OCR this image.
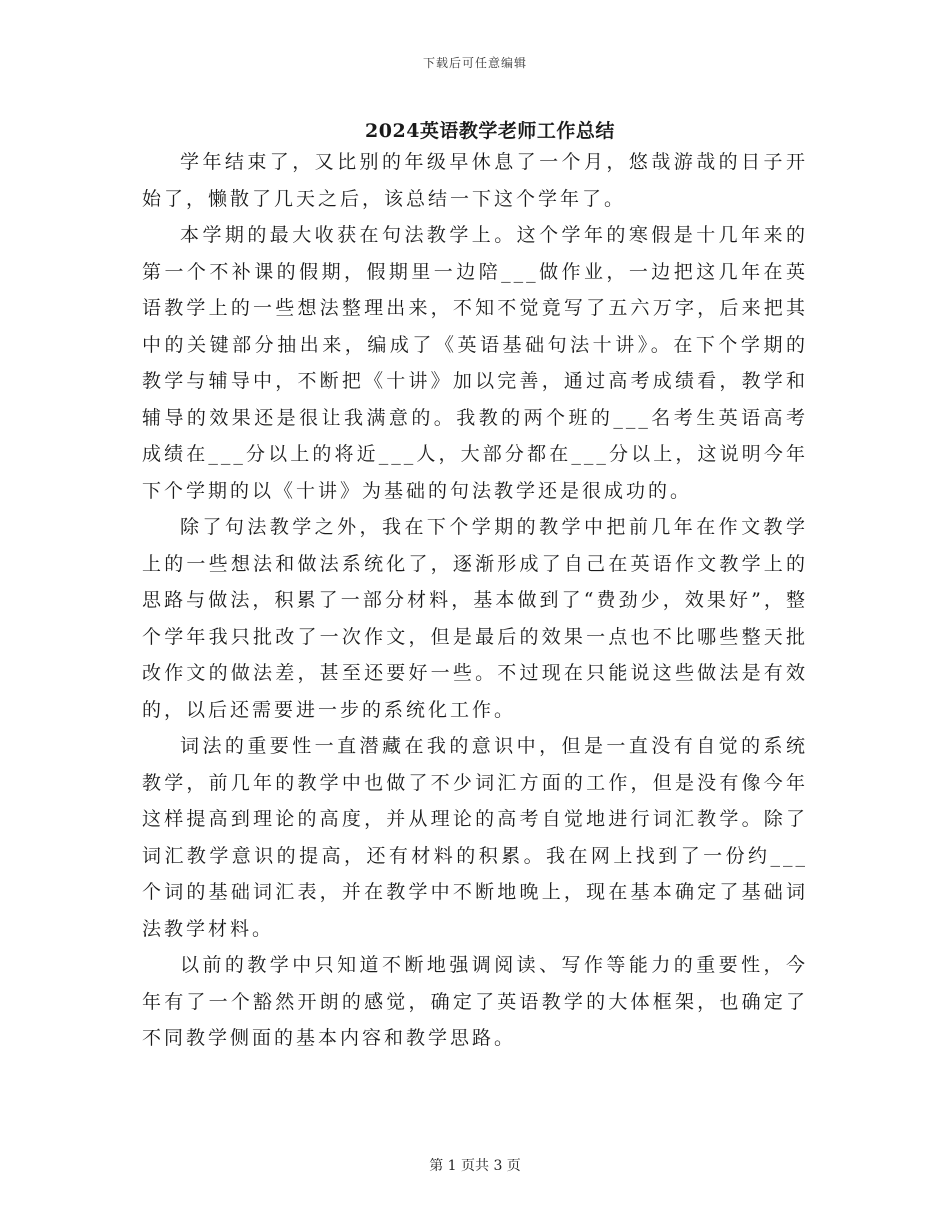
下载后可任意编辑
2024英语教学老师工作总结

学年结束了，又比别的年级早休息了一个月，悠哉游哉的日子开始了，懒散了几天之后，该总结一下这个学年了。

本学期的最大收获在句法教学上。这个学年的寒假是十几年来的第一个不补课的假期，假期里一边陪___做作业，一边把这几年在英语教学上的一些想法整理出来，不知不觉竟写了五六万字，后来把其中的关键部分抽出来，编成了《英语基础句法十讲》。在下个学期的教学与辅导中，不断把《十讲》加以完善，通过高考成绩看，教学和辅导的效果还是很让我满意的。我教的两个班的___名考生英语高考成绩在___分以上的将近___人，大部分都在___分以上，这说明今年下个学期的以《十讲》为基础的句法教学还是很成功的。

除了句法教学之外，我在下个学期的教学中把前几年在作文教学上的一些想法和做法系统化了，逐渐形成了自己在英语作文教学上的思路与做法，积累了一部分材料，基本做到了“费劲少，效果好”，整个学年我只批改了一次作文，但是最后的效果一点也不比哪些整天批改作文的做法差，甚至还要好一些。不过现在只能说这些做法是有效的，以后还需要进一步的系统化工作。

词法的重要性一直潜藏在我的意识中，但是一直没有自觉的系统教学，前几年的教学中也做了不少词汇方面的工作，但是没有像今年这样提高到理论的高度，并从理论的高考自觉地进行词汇教学。除了词汇教学意识的提高，还有材料的积累。我在网上找到了一份约___个词的基础词汇表，并在教学中不断地晚上，现在基本确定了基础词法教学材料。

以前的教学中只知道不断地强调阅读、写作等能力的重要性，今年有了一个豁然开朗的感觉，确定了英语教学的大体框架，也确定了不同教学侧面的基本内容和教学思路。

第 1 页共 3 页
